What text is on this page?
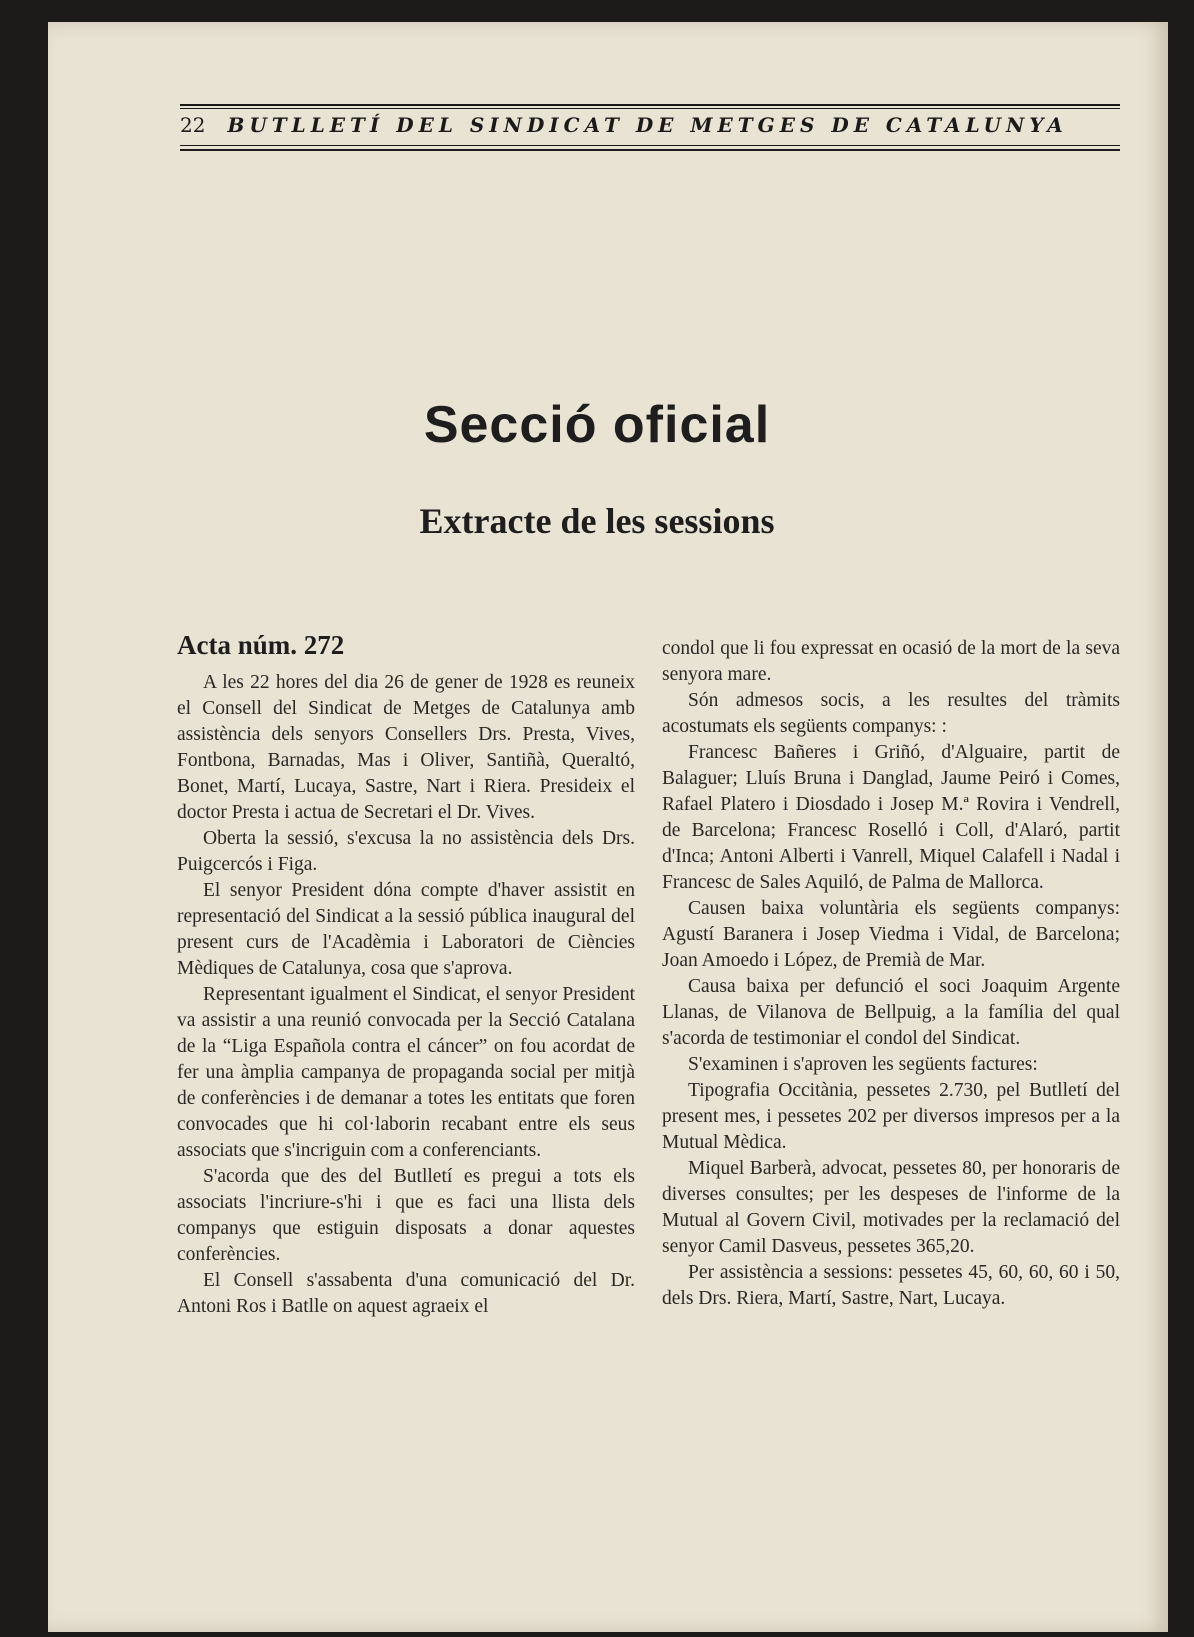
22 BUTLLETÍ DEL SINDICAT DE METGES DE CATALUNYA
Secció oficial
Extracte de les sessions
Acta núm. 272

A les 22 hores del dia 26 de gener de 1928 es reuneix el Consell del Sindicat de Metges de Catalunya amb assistència dels senyors Consellers Drs. Presta, Vives, Fontbona, Barnadas, Mas i Oliver, Santiñà, Queraltó, Bonet, Martí, Lucaya, Sastre, Nart i Riera. Presideix el doctor Presta i actua de Secretari el Dr. Vives.

Oberta la sessió, s'excusa la no assistència dels Drs. Puigcercós i Figa.

El senyor President dóna compte d'haver assistit en representació del Sindicat a la sessió pública inaugural del present curs de l'Acadèmia i Laboratori de Ciències Mèdiques de Catalunya, cosa que s'aprova.

Representant igualment el Sindicat, el senyor President va assistir a una reunió convocada per la Secció Catalana de la “Liga Española contra el cáncer” on fou acordat de fer una àmplia campanya de propaganda social per mitjà de conferències i de demanar a totes les entitats que foren convocades que hi col·laborin recabant entre els seus associats que s'incriguin com a conferenciants.

S'acorda que des del Butlletí es pregui a tots els associats l'incriure-s'hi i que es faci una llista dels companys que estiguin disposats a donar aquestes conferències.

El Consell s'assabenta d'una comunicació del Dr. Antoni Ros i Batlle on aquest agraeix el

condol que li fou expressat en ocasió de la mort de la seva senyora mare.

Són admesos socis, a les resultes del tràmits acostumats els següents companys: :

Francesc Bañeres i Griñó, d'Alguaire, partit de Balaguer; Lluís Bruna i Danglad, Jaume Peiró i Comes, Rafael Platero i Diosdado i Josep M.ª Rovira i Vendrell, de Barcelona; Francesc Roselló i Coll, d'Alaró, partit d'Inca; Antoni Alberti i Vanrell, Miquel Calafell i Nadal i Francesc de Sales Aquiló, de Palma de Mallorca.

Causen baixa voluntària els següents companys: Agustí Baranera i Josep Viedma i Vidal, de Barcelona; Joan Amoedo i López, de Premià de Mar.

Causa baixa per defunció el soci Joaquim Argente Llanas, de Vilanova de Bellpuig, a la família del qual s'acorda de testimoniar el condol del Sindicat.

S'examinen i s'aproven les següents factures:

Tipografia Occitània, pessetes 2.730, pel Butlletí del present mes, i pessetes 202 per diversos impresos per a la Mutual Mèdica.

Miquel Barberà, advocat, pessetes 80, per honoraris de diverses consultes; per les despeses de l'informe de la Mutual al Govern Civil, motivades per la reclamació del senyor Camil Dasveus, pessetes 365,20.

Per assistència a sessions: pessetes 45, 60, 60, 60 i 50, dels Drs. Riera, Martí, Sastre, Nart, Lucaya.
